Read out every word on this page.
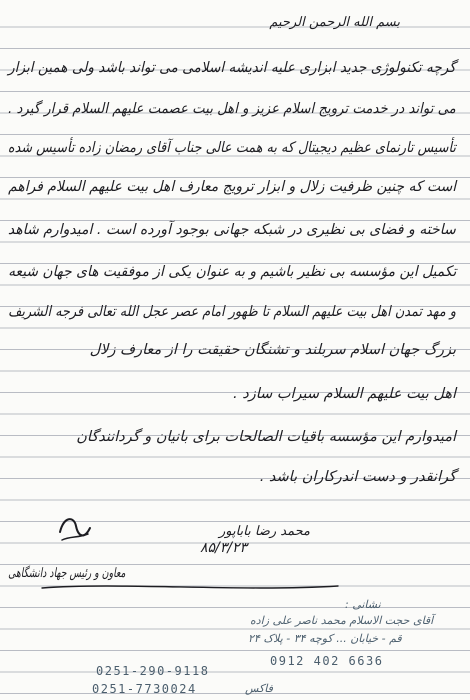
بسم الله الرحمن الرحیم

گرچه تکنولوژی جدید ابزاری علیه اندیشه اسلامی می تواند باشد ولی همین ابزار

می تواند در خدمت ترویج اسلام عزیز و اهل بیت عصمت علیهم السلام قرار گیرد .

تأسیس تارنمای عظیم دیجیتال که به همت عالی جناب آقای رمضان زاده تأسیس شده

است که چنین ظرفیت زلال و ابزار ترویج معارف اهل بیت علیهم السلام فراهم

ساخته و فضای بی نظیری در شبکه جهانی بوجود آورده است . امیدوارم شاهد

تکمیل این مؤسسه بی نظیر باشیم و به عنوان یکی از موفقیت های جهان شیعه

و مهد تمدن اهل بیت علیهم السلام تا ظهور امام عصر عجل الله تعالی فرجه الشریف

بزرگ جهان اسلام سربلند و تشنگان حقیقت را از معارف زلال

اهل بیت علیهم السلام سیراب سازد .

امیدوارم این مؤسسه باقیات الصالحات برای بانیان و گردانندگان

گرانقدر و دست اندرکاران باشد .

محمد رضا باباپور

۸۵/۳/۲۳

معاون و رئیس جهاد دانشگاهی

نشانی :
آقای حجت الاسلام محمد ناصر علی زاده
قم - خیابان ... کوچه ۳۴ - پلاک ۲۴
0912 402 6636
0251-290-9118
0251-7730024	فاکس
